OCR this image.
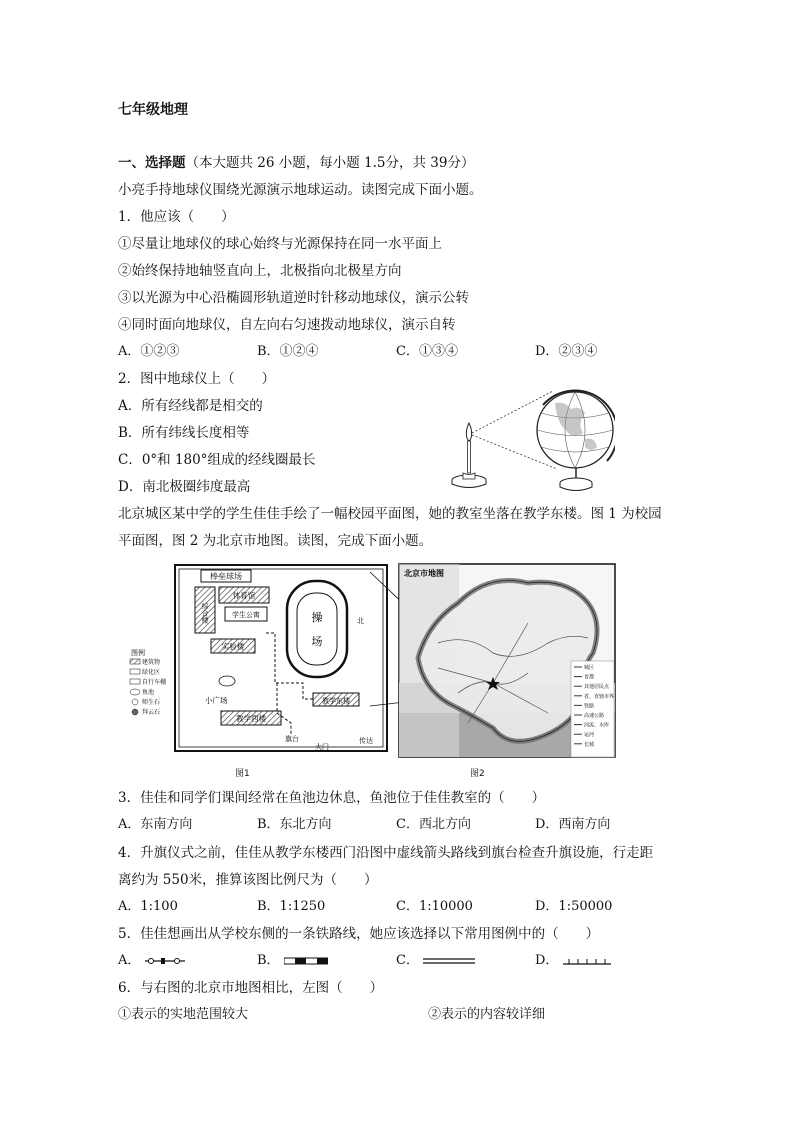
七年级地理
一、选择题（本大题共 26 小题，每小题 1.5分，共 39分）
小亮手持地球仪围绕光源演示地球运动。读图完成下面小题。
1．他应该（　　）
①尽量让地球仪的球心始终与光源保持在同一水平面上
②始终保持地轴竖直向上，北极指向北极星方向
③以光源为中心沿椭圆形轨道逆时针移动地球仪，演示公转
④同时面向地球仪，自左向右匀速拨动地球仪，演示自转
A．①②③	B．①②④	C．①③④	D．②③④
2．图中地球仪上（　　）
A．所有经线都是相交的
B．所有纬线长度相等
C．0°和 180°组成的经线圈最长
D．南北极圈纬度最高
北京城区某中学的学生佳佳手绘了一幅校园平面图，她的教室坐落在教学东楼。图 1 为校园
平面图，图 2 为北京市地图。读图，完成下面小题。
棒垒球场
综合楼
体育馆
学生公寓
实验楼
操
场
教学东楼
教学西楼
小广场
旗台
大门
传达
北
图例
建筑物
绿化区
自行车棚
鱼池
师生石
拜云石
图1
北京市地图
城区
首都
其他居民点
省、直辖市界
铁路
高速公路
河流、水库
运河
长城
图2
3．佳佳和同学们课间经常在鱼池边休息，鱼池位于佳佳教室的（　　）
A．东南方向	B．东北方向	C．西北方向	D．西南方向
4．升旗仪式之前，佳佳从教学东楼西门沿图中虚线箭头路线到旗台检查升旗设施，行走距
离约为 550米，推算该图比例尺为（　　）
A．1:100	B．1:1250	C．1:10000	D．1:50000
5．佳佳想画出从学校东侧的一条铁路线，她应该选择以下常用图例中的（　　）
A．	B．	C．	D．
6．与右图的北京市地图相比，左图（　　）
①表示的实地范围较大	②表示的内容较详细
